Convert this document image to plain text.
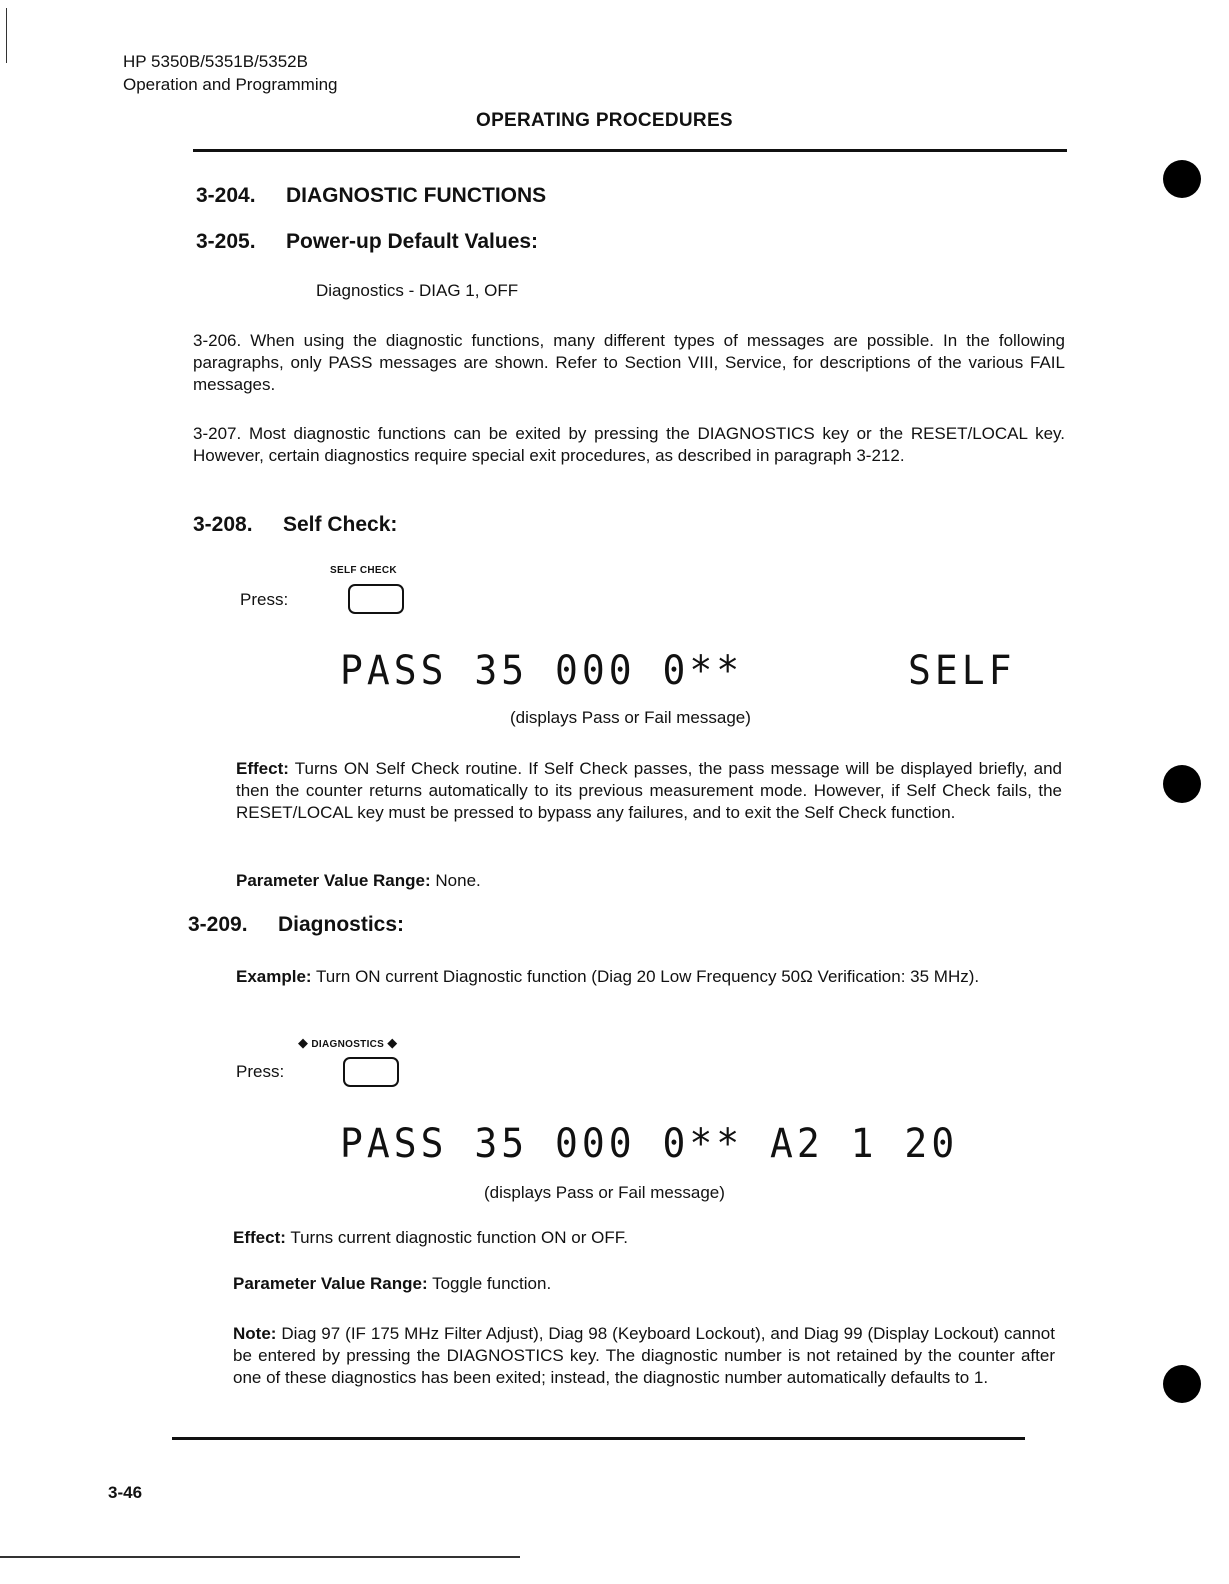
HP 5350B/5351B/5352B
Operation and Programming
OPERATING PROCEDURES
3-204. DIAGNOSTIC FUNCTIONS
3-205. Power-up Default Values:
Diagnostics - DIAG 1, OFF
3-206. When using the diagnostic functions, many different types of messages are possible. In the following paragraphs, only PASS messages are shown. Refer to Section VIII, Service, for descriptions of the various FAIL messages.
3-207. Most diagnostic functions can be exited by pressing the DIAGNOSTICS key or the RESET/LOCAL key. However, certain diagnostics require special exit procedures, as described in paragraph 3-212.
3-208. Self Check:
SELF CHECK
Press:
PASS 35 000 0**	SELF
(displays Pass or Fail message)
Effect: Turns ON Self Check routine. If Self Check passes, the pass message will be displayed briefly, and then the counter returns automatically to its previous measurement mode. However, if Self Check fails, the RESET/LOCAL key must be pressed to bypass any failures, and to exit the Self Check function.
Parameter Value Range: None.
3-209. Diagnostics:
Example: Turn ON current Diagnostic function (Diag 20 Low Frequency 50Ω Verification: 35 MHz).
◆ DIAGNOSTICS ◆
Press:
PASS 35 000 0** A2 1 20
(displays Pass or Fail message)
Effect: Turns current diagnostic function ON or OFF.
Parameter Value Range: Toggle function.
Note: Diag 97 (IF 175 MHz Filter Adjust), Diag 98 (Keyboard Lockout), and Diag 99 (Display Lockout) cannot be entered by pressing the DIAGNOSTICS key. The diagnostic number is not retained by the counter after one of these diagnostics has been exited; instead, the diagnostic number automatically defaults to 1.
3-46
